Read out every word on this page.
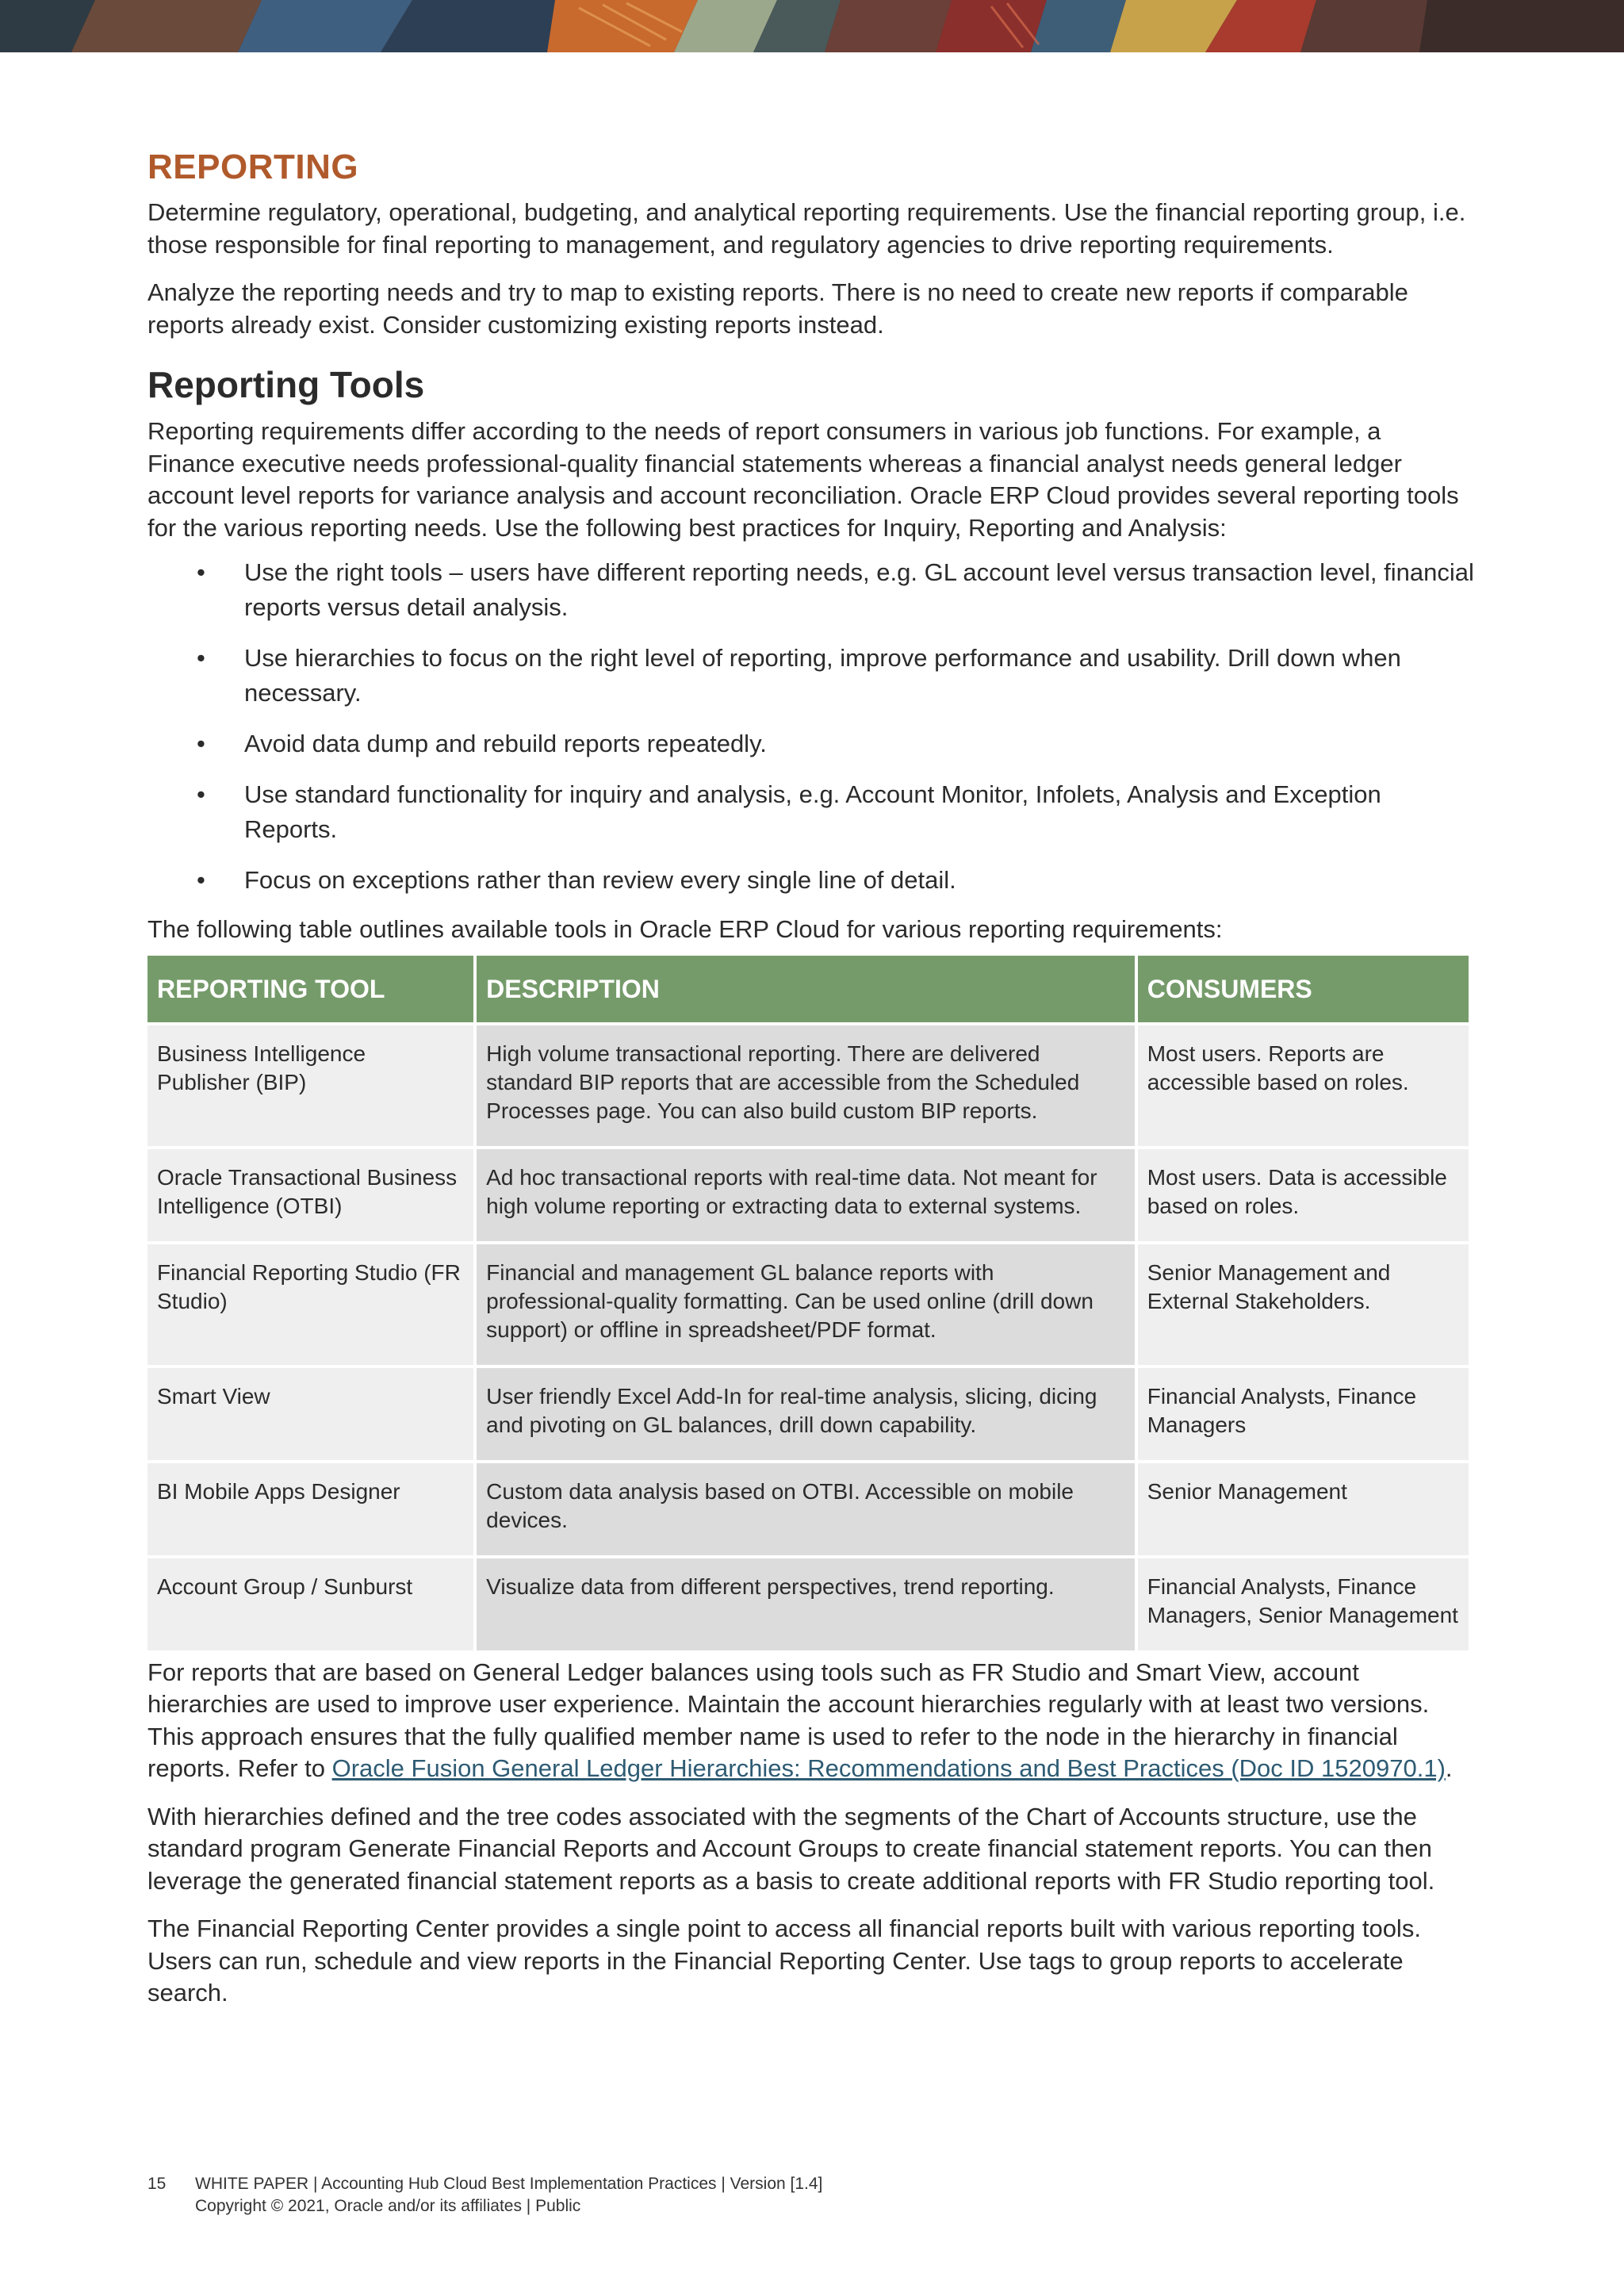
REPORTING

Determine regulatory, operational, budgeting, and analytical reporting requirements. Use the financial reporting group, i.e. those responsible for final reporting to management, and regulatory agencies to drive reporting requirements.

Analyze the reporting needs and try to map to existing reports. There is no need to create new reports if comparable reports already exist. Consider customizing existing reports instead.

Reporting Tools

Reporting requirements differ according to the needs of report consumers in various job functions. For example, a Finance executive needs professional-quality financial statements whereas a financial analyst needs general ledger account level reports for variance analysis and account reconciliation. Oracle ERP Cloud provides several reporting tools for the various reporting needs. Use the following best practices for Inquiry, Reporting and Analysis:

• Use the right tools – users have different reporting needs, e.g. GL account level versus transaction level, financial reports versus detail analysis.
• Use hierarchies to focus on the right level of reporting, improve performance and usability. Drill down when necessary.
• Avoid data dump and rebuild reports repeatedly.
• Use standard functionality for inquiry and analysis, e.g. Account Monitor, Infolets, Analysis and Exception Reports.
• Focus on exceptions rather than review every single line of detail.

The following table outlines available tools in Oracle ERP Cloud for various reporting requirements:

REPORTING TOOL	DESCRIPTION	CONSUMERS
Business Intelligence Publisher (BIP)	High volume transactional reporting. There are delivered standard BIP reports that are accessible from the Scheduled Processes page. You can also build custom BIP reports.	Most users. Reports are accessible based on roles.
Oracle Transactional Business Intelligence (OTBI)	Ad hoc transactional reports with real-time data. Not meant for high volume reporting or extracting data to external systems.	Most users. Data is accessible based on roles.
Financial Reporting Studio (FR Studio)	Financial and management GL balance reports with professional-quality formatting. Can be used online (drill down support) or offline in spreadsheet/PDF format.	Senior Management and External Stakeholders.
Smart View	User friendly Excel Add-In for real-time analysis, slicing, dicing and pivoting on GL balances, drill down capability.	Financial Analysts, Finance Managers
BI Mobile Apps Designer	Custom data analysis based on OTBI. Accessible on mobile devices.	Senior Management
Account Group / Sunburst	Visualize data from different perspectives, trend reporting.	Financial Analysts, Finance Managers, Senior Management

For reports that are based on General Ledger balances using tools such as FR Studio and Smart View, account hierarchies are used to improve user experience. Maintain the account hierarchies regularly with at least two versions. This approach ensures that the fully qualified member name is used to refer to the node in the hierarchy in financial reports. Refer to Oracle Fusion General Ledger Hierarchies: Recommendations and Best Practices (Doc ID 1520970.1).

With hierarchies defined and the tree codes associated with the segments of the Chart of Accounts structure, use the standard program Generate Financial Reports and Account Groups to create financial statement reports. You can then leverage the generated financial statement reports as a basis to create additional reports with FR Studio reporting tool.

The Financial Reporting Center provides a single point to access all financial reports built with various reporting tools. Users can run, schedule and view reports in the Financial Reporting Center. Use tags to group reports to accelerate search.

15 WHITE PAPER | Accounting Hub Cloud Best Implementation Practices | Version [1.4]
Copyright © 2021, Oracle and/or its affiliates | Public
